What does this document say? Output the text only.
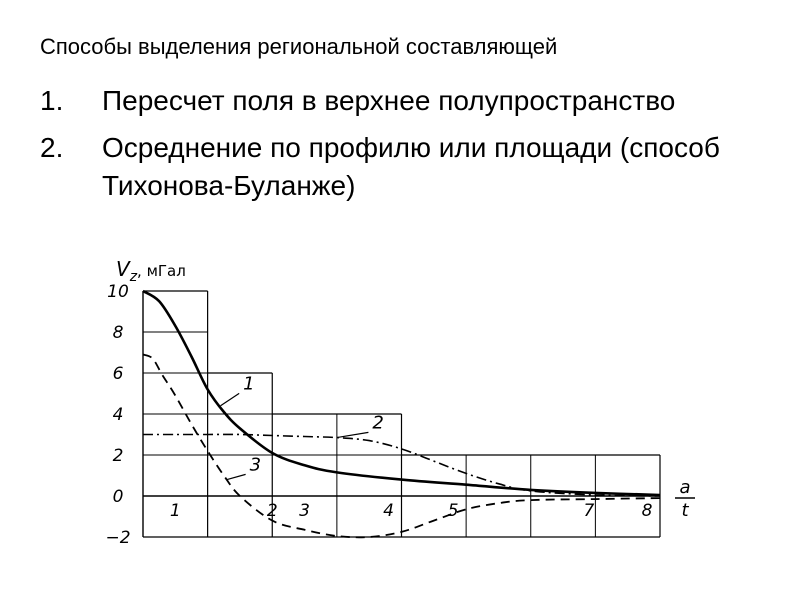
Способы выделения региональной составляющей
1.	Пересчет поля в верхнее полупространство
2.	Осреднение по профилю или площади (способ Тихонова-Буланже)
10
8
6
4
2
0
−2
1	2 3	4	5	7	8
1
2
3
$V_z^{, мГал}$
a
t
